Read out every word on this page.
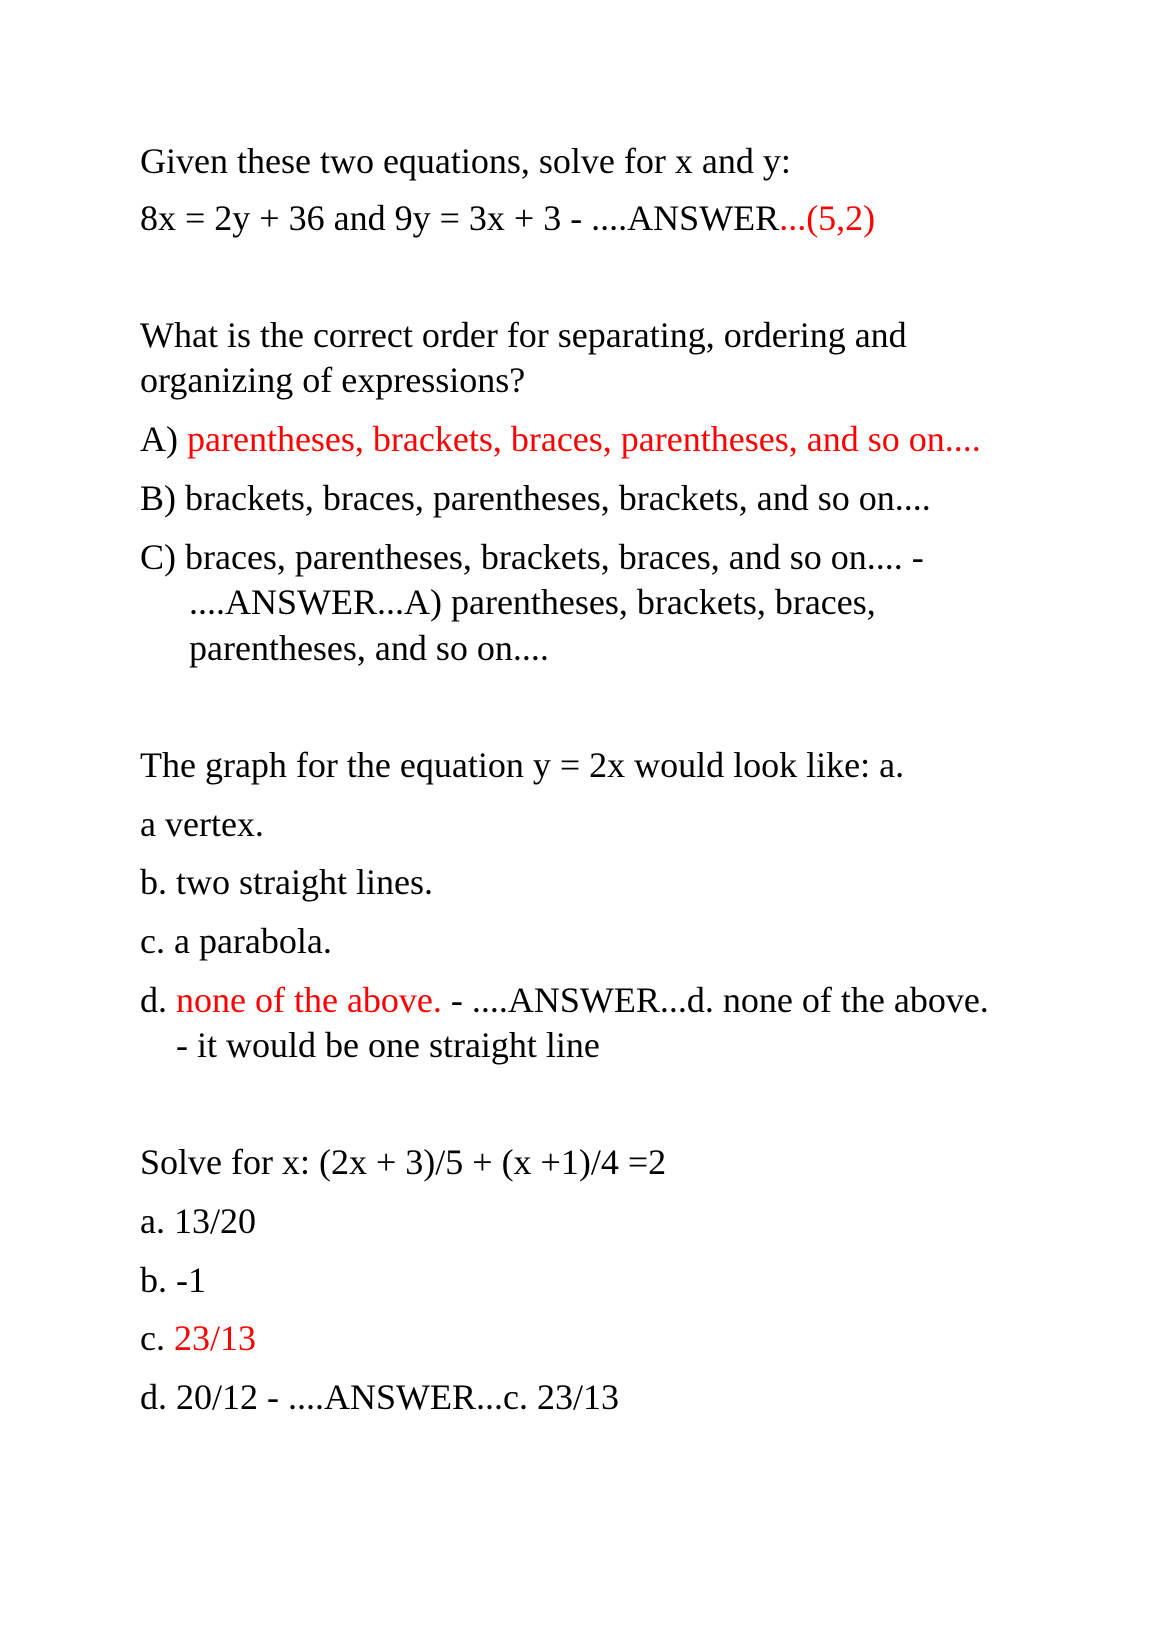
Given these two equations, solve for x and y:
8x = 2y + 36 and 9y = 3x + 3 - ....ANSWER...(5,2)
What is the correct order for separating, ordering and
organizing of expressions?
A) parentheses, brackets, braces, parentheses, and so on....
B) brackets, braces, parentheses, brackets, and so on....
C) braces, parentheses, brackets, braces, and so on.... -
....ANSWER...A) parentheses, brackets, braces,
parentheses, and so on....
The graph for the equation y = 2x would look like: a.
a vertex.
b. two straight lines.
c. a parabola.
d. none of the above. - ....ANSWER...d. none of the above.
- it would be one straight line
Solve for x: (2x + 3)/5 + (x +1)/4 =2
a. 13/20
b. -1
c. 23/13
d. 20/12 - ....ANSWER...c. 23/13
